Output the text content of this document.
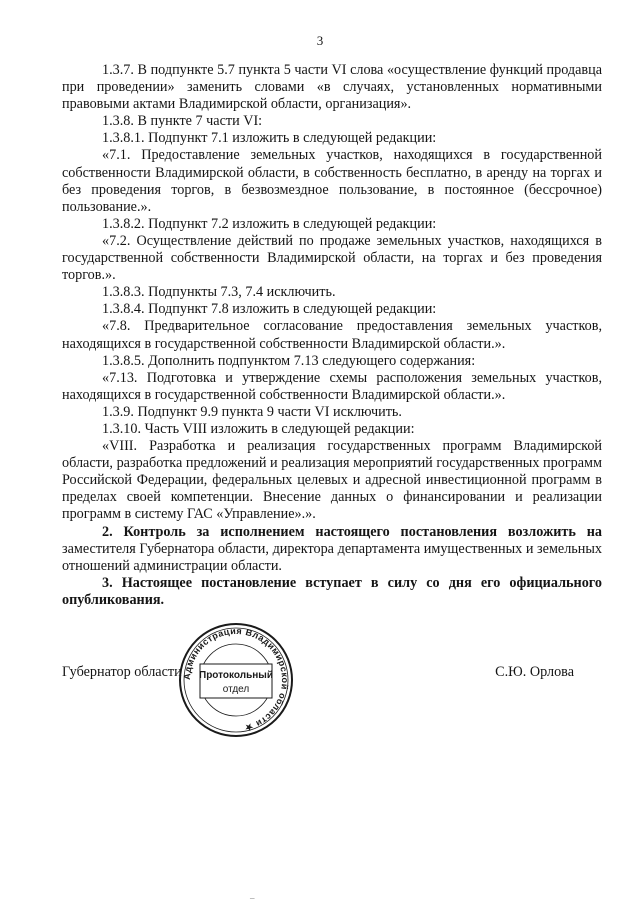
3

1.3.7. В подпункте 5.7 пункта 5 части VI слова «осуществление функций продавца при проведении» заменить словами «в случаях, установленных нормативными правовыми актами Владимирской области, организация».

1.3.8. В пункте 7 части VI:

1.3.8.1. Подпункт 7.1 изложить в следующей редакции:

«7.1. Предоставление земельных участков, находящихся в государственной собственности Владимирской области, в собственность бесплатно, в аренду на торгах и без проведения торгов, в безвозмездное пользование, в постоянное (бессрочное) пользование.».

1.3.8.2. Подпункт 7.2 изложить в следующей редакции:

«7.2. Осуществление действий по продаже земельных участков, находящихся в государственной собственности Владимирской области, на торгах и без проведения торгов.».

1.3.8.3. Подпункты 7.3, 7.4 исключить.

1.3.8.4. Подпункт 7.8 изложить в следующей редакции:

«7.8. Предварительное согласование предоставления земельных участков, находящихся в государственной собственности Владимирской области.».

1.3.8.5. Дополнить подпунктом 7.13 следующего содержания:

«7.13. Подготовка и утверждение схемы расположения земельных участков, находящихся в государственной собственности Владимирской области.».

1.3.9. Подпункт 9.9 пункта 9 части VI исключить.

1.3.10. Часть VIII изложить в следующей редакции:

«VIII. Разработка и реализация государственных программ Владимирской области, разработка предложений и реализация мероприятий государственных программ Российской Федерации, федеральных целевых и адресной инвестиционной программ в пределах своей компетенции. Внесение данных о финансировании и реализации программ в систему ГАС «Управление».».

2. Контроль за исполнением настоящего постановления возложить на заместителя Губернатора области, директора департамента имущественных и земельных отношений администрации области.

3. Настоящее постановление вступает в силу со дня его официального опубликования.

Губернатор области	С.Ю. Орлова
Администрация Владимирской области ★
Протокольный
отдел
–
